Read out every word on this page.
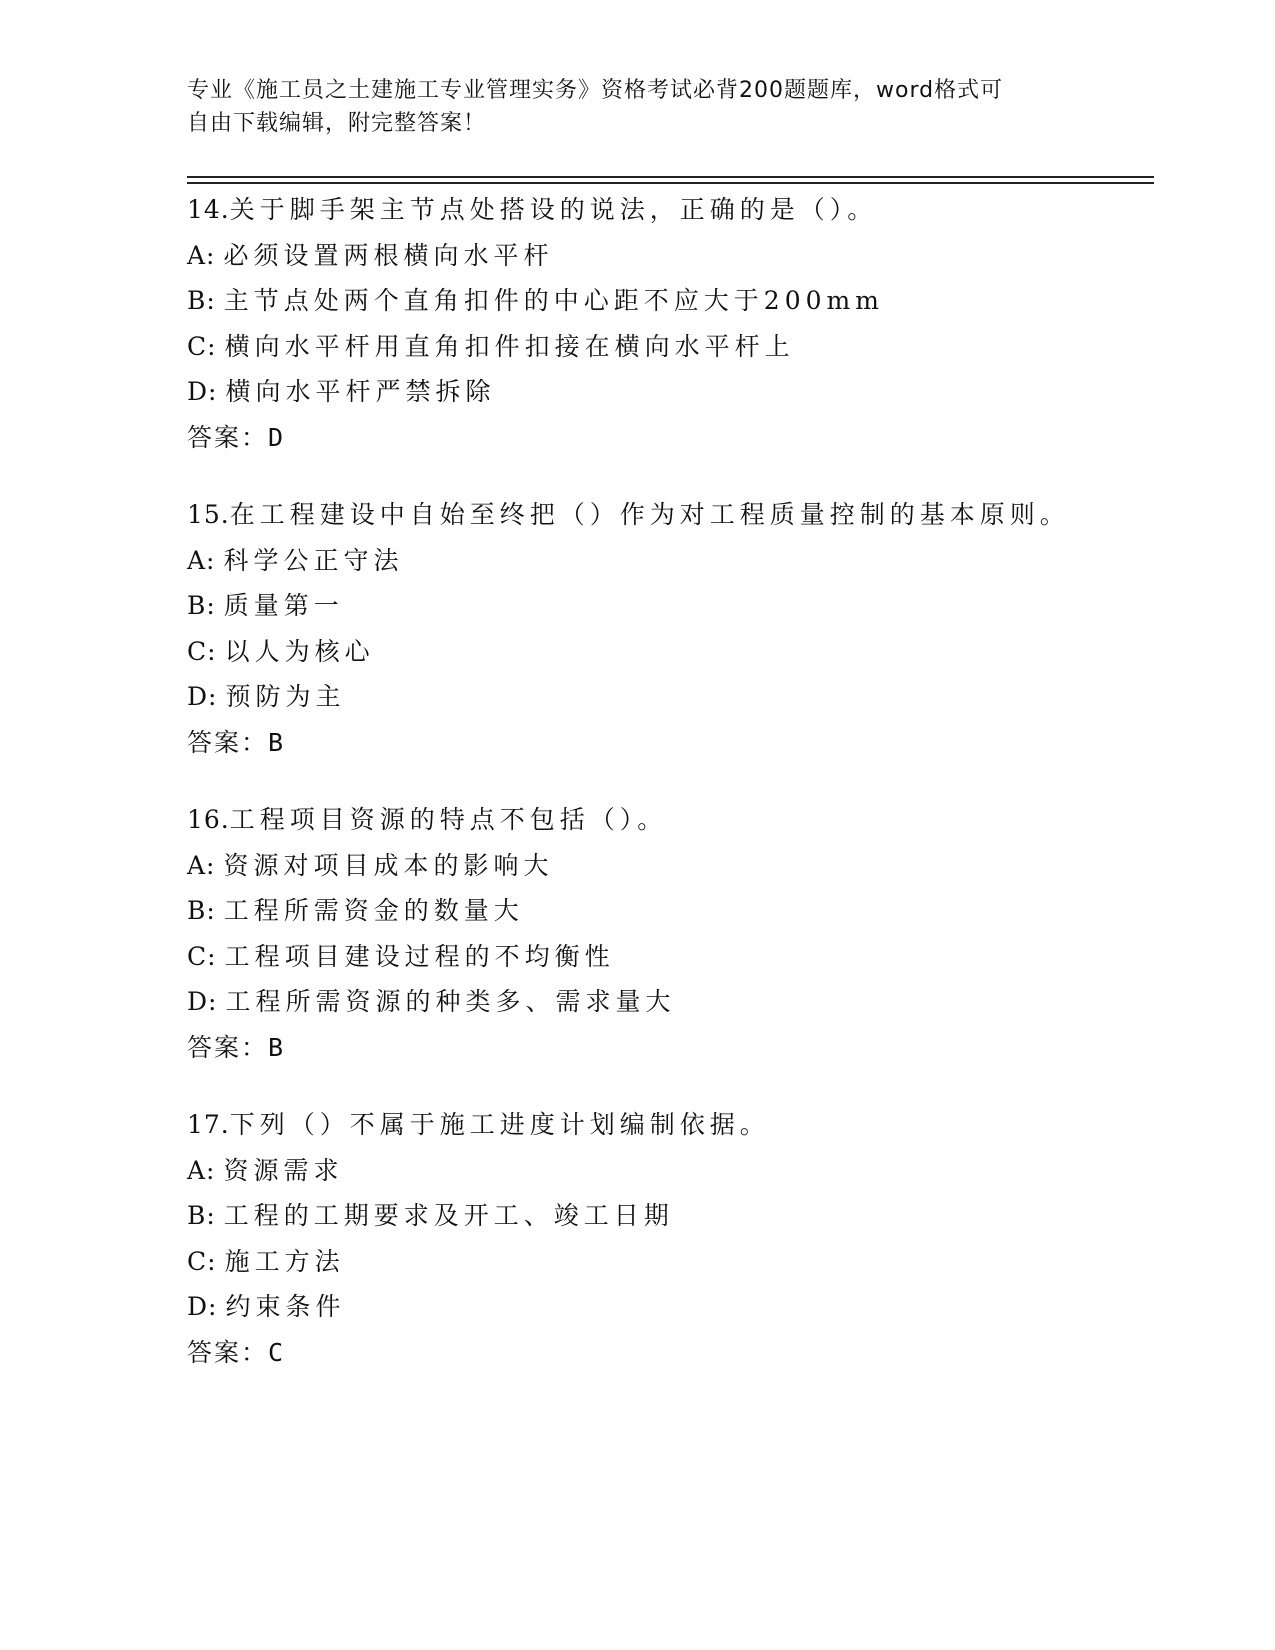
专业《施工员之土建施工专业管理实务》资格考试必背200题题库，word格式可
自由下载编辑，附完整答案！
14.关于脚手架主节点处搭设的说法，正确的是（）。
A: 必须设置两根横向水平杆
B: 主节点处两个直角扣件的中心距不应大于200mm
C: 横向水平杆用直角扣件扣接在横向水平杆上
D: 横向水平杆严禁拆除
答案：D
15.在工程建设中自始至终把（）作为对工程质量控制的基本原则。
A: 科学公正守法
B: 质量第一
C: 以人为核心
D: 预防为主
答案：B
16.工程项目资源的特点不包括（）。
A: 资源对项目成本的影响大
B: 工程所需资金的数量大
C: 工程项目建设过程的不均衡性
D: 工程所需资源的种类多、需求量大
答案：B
17.下列（）不属于施工进度计划编制依据。
A: 资源需求
B: 工程的工期要求及开工、竣工日期
C: 施工方法
D: 约束条件
答案：C
